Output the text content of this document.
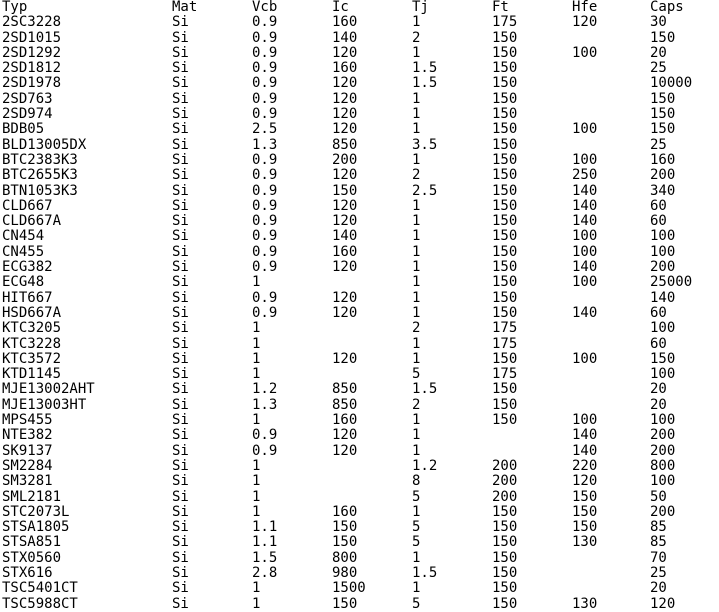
Typ	Mat	Vcb	Ic	Tj	Ft	Hfe	Caps
2SC3228	Si	0.9	160	1	175	120	30
2SD1015	Si	0.9	140	2	150		150
2SD1292	Si	0.9	120	1	150	100	20
2SD1812	Si	0.9	160	1.5	150		25
2SD1978	Si	0.9	120	1.5	150		10000
2SD763	Si	0.9	120	1	150		150
2SD974	Si	0.9	120	1	150		150
BDB05	Si	2.5	120	1	150	100	150
BLD13005DX	Si	1.3	850	3.5	150		25
BTC2383K3	Si	0.9	200	1	150	100	160
BTC2655K3	Si	0.9	120	2	150	250	200
BTN1053K3	Si	0.9	150	2.5	150	140	340
CLD667	Si	0.9	120	1	150	140	60
CLD667A	Si	0.9	120	1	150	140	60
CN454	Si	0.9	140	1	150	100	100
CN455	Si	0.9	160	1	150	100	100
ECG382	Si	0.9	120	1	150	140	200
ECG48	Si	1		1	150	100	25000
HIT667	Si	0.9	120	1	150		140
HSD667A	Si	0.9	120	1	150	140	60
KTC3205	Si	1		2	175		100
KTC3228	Si	1		1	175		60
KTC3572	Si	1	120	1	150	100	150
KTD1145	Si	1		5	175		100
MJE13002AHT	Si	1.2	850	1.5	150		20
MJE13003HT	Si	1.3	850	2	150		20
MPS455	Si	1	160	1	150	100	100
NTE382	Si	0.9	120	1		140	200
SK9137	Si	0.9	120	1		140	200
SM2284	Si	1		1.2	200	220	800
SM3281	Si	1		8	200	120	100
SML2181	Si	1		5	200	150	50
STC2073L	Si	1	160	1	150	150	200
STSA1805	Si	1.1	150	5	150	150	85
STSA851	Si	1.1	150	5	150	130	85
STX0560	Si	1.5	800	1	150		70
STX616	Si	2.8	980	1.5	150		25
TSC5401CT	Si	1	1500	1	150		20
TSC5988CT	Si	1	150	5	150	130	120
